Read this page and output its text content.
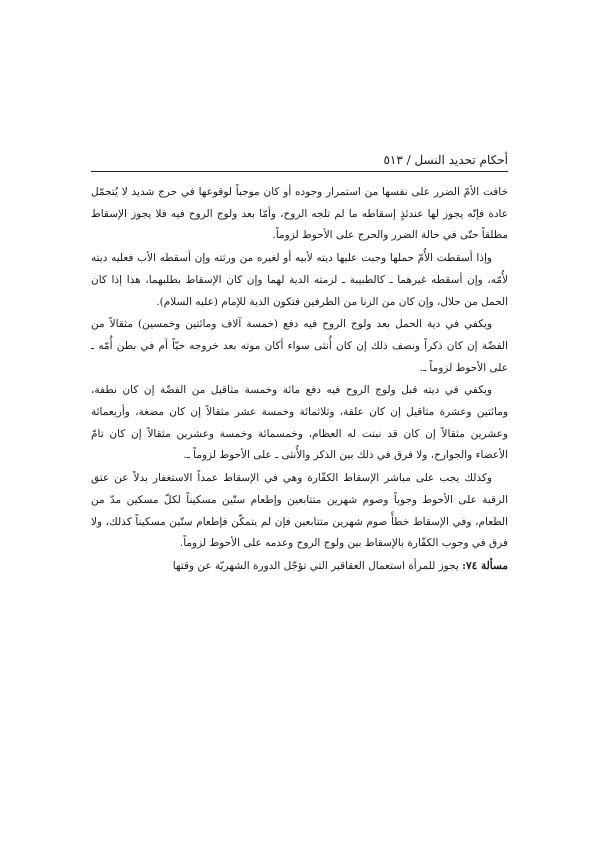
أحكام تحديد النسل / ٥١٣

خافت الأمّ الضرر على نفسها من استمرار وجوده أو كان موجباً لوقوعها في حرج شديد لا يُتحمّل عادة فإنّه يجوز لها عندئذٍ إسقاطه ما لم تلجه الروح، وأمّا بعد ولوج الروح فيه فلا يجوز الإسقاط مطلقاً حتّى في حالة الضرر والحرج على الأحوط لزوماً.

وإذا أسقطت الأُمّ حملها وجبت عليها ديته لأبيه أو لغيره من ورثته وإن أسقطه الأب فعليه ديته لأُمّه، وإن أسقطه غيرهما ـ كالطبيبة ـ لزمته الدية لهما وإن كان الإسقاط بطلبهما، هذا إذا كان الحمل من حلال، وإن كان من الزنا من الطرفين فتكون الدية للإمام (عليه السلام).

ويكفي في دية الحمل بعد ولوج الروح فيه دفع (خمسة آلاف ومائتين وخمسين) مثقالاً من الفضّة إن كان ذكراً ونصف ذلك إن كان أُنثى سواء أكان موته بعد خروجه حيّاً أم في بطن أُمّه ـ على الأحوط لزوماً ـ.

ويكفي في ديته قبل ولوج الروح فيه دفع مائة وخمسة مثاقيل من الفضّة إن كان نطفة، ومائتين وعشرة مثاقيل إن كان علقة، وثلاثمائة وخمسة عشر مثقالاً إن كان مضغة، وأربعمائة وعشرين مثقالاً إن كان قد نبتت له العظام، وخمسمائة وخمسة وعشرين مثقالاً إن كان تامّ الأعضاء والجوارح، ولا فرق في ذلك بين الذكر والأُنثى ـ على الأحوط لزوماً ـ.

وكذلك يجب على مباشر الإسقاط الكفّارة وهي في الإسقاط عمداً الاستغفار بدلاً عن عتق الرقبة على الأحوط وجوباً وصوم شهرين متتابعين وإطعام ستّين مسكيناً لكلّ مسكين مدّ من الطعام، وفي الإسقاط خطأً صوم شهرين متتابعين فإن لم يتمكّن فإطعام ستّين مسكيناً كذلك، ولا فرق في وجوب الكفّارة بالإسقاط بين ولوج الروح وعدمه على الأحوط لزوماً.

مسألة ٧٤: يجوز للمرأة استعمال العقاقير التي تؤجّل الدورة الشهريّة عن وقتها
